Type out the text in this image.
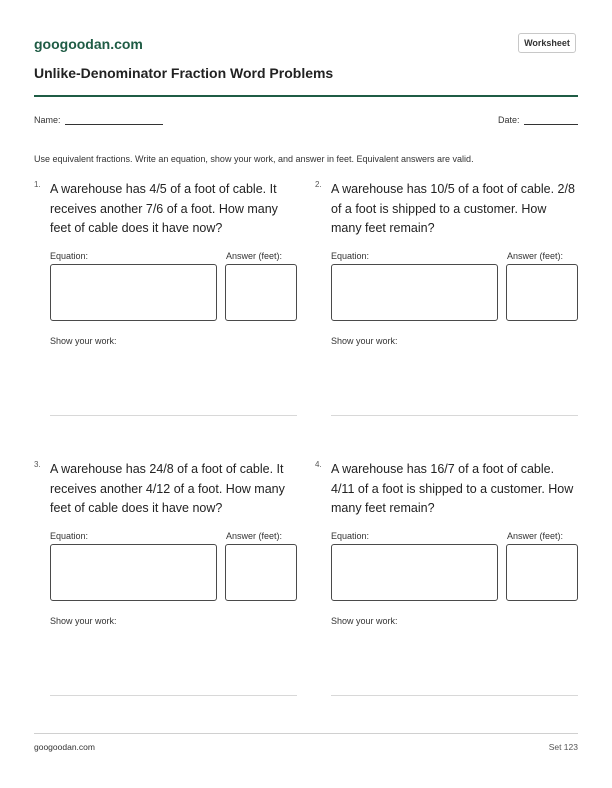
googoodan.com	Worksheet
Unlike-Denominator Fraction Word Problems
Name:	Date:
Use equivalent fractions. Write an equation, show your work, and answer in feet. Equivalent answers are valid.
1. A warehouse has 4/5 of a foot of cable. It receives another 7/6 of a foot. How many feet of cable does it have now?
Equation:	Answer (feet):
Show your work:
2. A warehouse has 10/5 of a foot of cable. 2/8 of a foot is shipped to a customer. How many feet remain?
Equation:	Answer (feet):
Show your work:
3. A warehouse has 24/8 of a foot of cable. It receives another 4/12 of a foot. How many feet of cable does it have now?
Equation:	Answer (feet):
Show your work:
4. A warehouse has 16/7 of a foot of cable. 4/11 of a foot is shipped to a customer. How many feet remain?
Equation:	Answer (feet):
Show your work:
googoodan.com	Set 123
